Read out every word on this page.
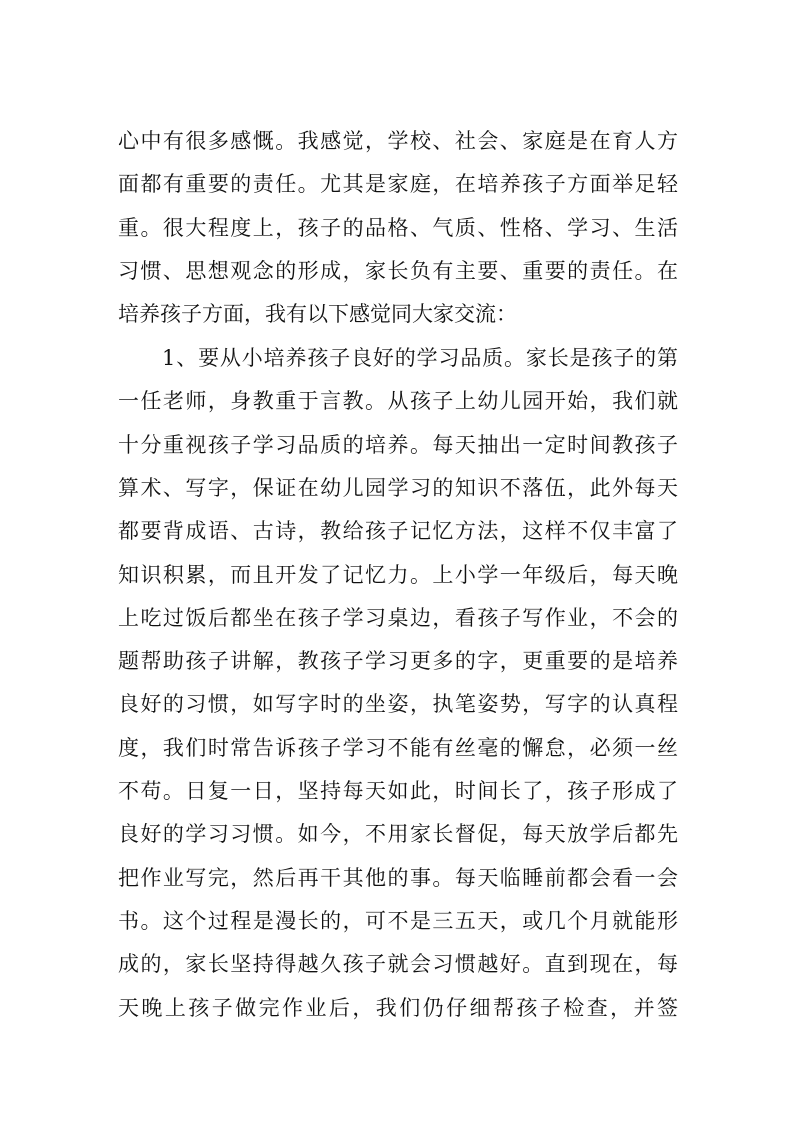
心中有很多感慨。我感觉，学校、社会、家庭是在育人方
面都有重要的责任。尤其是家庭，在培养孩子方面举足轻
重。很大程度上，孩子的品格、气质、性格、学习、生活
习惯、思想观念的形成，家长负有主要、重要的责任。在
培养孩子方面，我有以下感觉同大家交流：
1、要从小培养孩子良好的学习品质。家长是孩子的第
一任老师，身教重于言教。从孩子上幼儿园开始，我们就
十分重视孩子学习品质的培养。每天抽出一定时间教孩子
算术、写字，保证在幼儿园学习的知识不落伍，此外每天
都要背成语、古诗，教给孩子记忆方法，这样不仅丰富了
知识积累，而且开发了记忆力。上小学一年级后，每天晚
上吃过饭后都坐在孩子学习桌边，看孩子写作业，不会的
题帮助孩子讲解，教孩子学习更多的字，更重要的是培养
良好的习惯，如写字时的坐姿，执笔姿势，写字的认真程
度，我们时常告诉孩子学习不能有丝毫的懈怠，必须一丝
不苟。日复一日，坚持每天如此，时间长了，孩子形成了
良好的学习习惯。如今，不用家长督促，每天放学后都先
把作业写完，然后再干其他的事。每天临睡前都会看一会
书。这个过程是漫长的，可不是三五天，或几个月就能形
成的，家长坚持得越久孩子就会习惯越好。直到现在，每
天晚上孩子做完作业后，我们仍仔细帮孩子检查，并签
